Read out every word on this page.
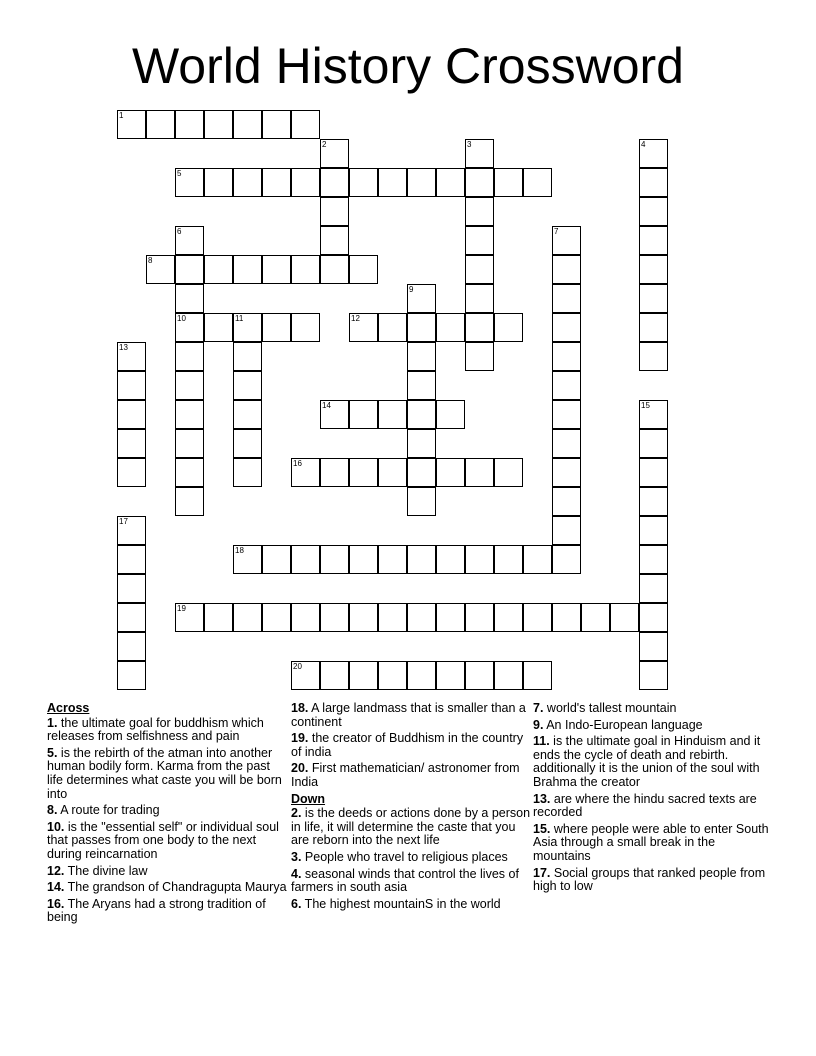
World History Crossword
1
2	3	4
5
6
10
7
8
9
11	12
13
14	15
16
17
18
19
20
Across
1. the ultimate goal for buddhism which releases from selfishness and pain
5. is the rebirth of the atman into another human bodily form. Karma from the past life determines what caste you will be born into
8. A route for trading
10. is the "essential self" or individual soul that passes from one body to the next during reincarnation
12. The divine law
14. The grandson of Chandragupta Maurya
16. The Aryans had a strong tradition of being
18. A large landmass that is smaller than a continent
19. the creator of Buddhism in the country of india
20. First mathematician/ astronomer from India
Down
2. is the deeds or actions done by a person in life, it will determine the caste that you are reborn into the next life
3. People who travel to religious places
4. seasonal winds that control the lives of farmers in south asia
6. The highest mountainS in the world
7. world's tallest mountain
9. An Indo-European language
11. is the ultimate goal in Hinduism and it ends the cycle of death and rebirth. additionally it is the union of the soul with Brahma the creator
13. are where the hindu sacred texts are recorded
15. where people were able to enter South Asia through a small break in the mountains
17. Social groups that ranked people from high to low
